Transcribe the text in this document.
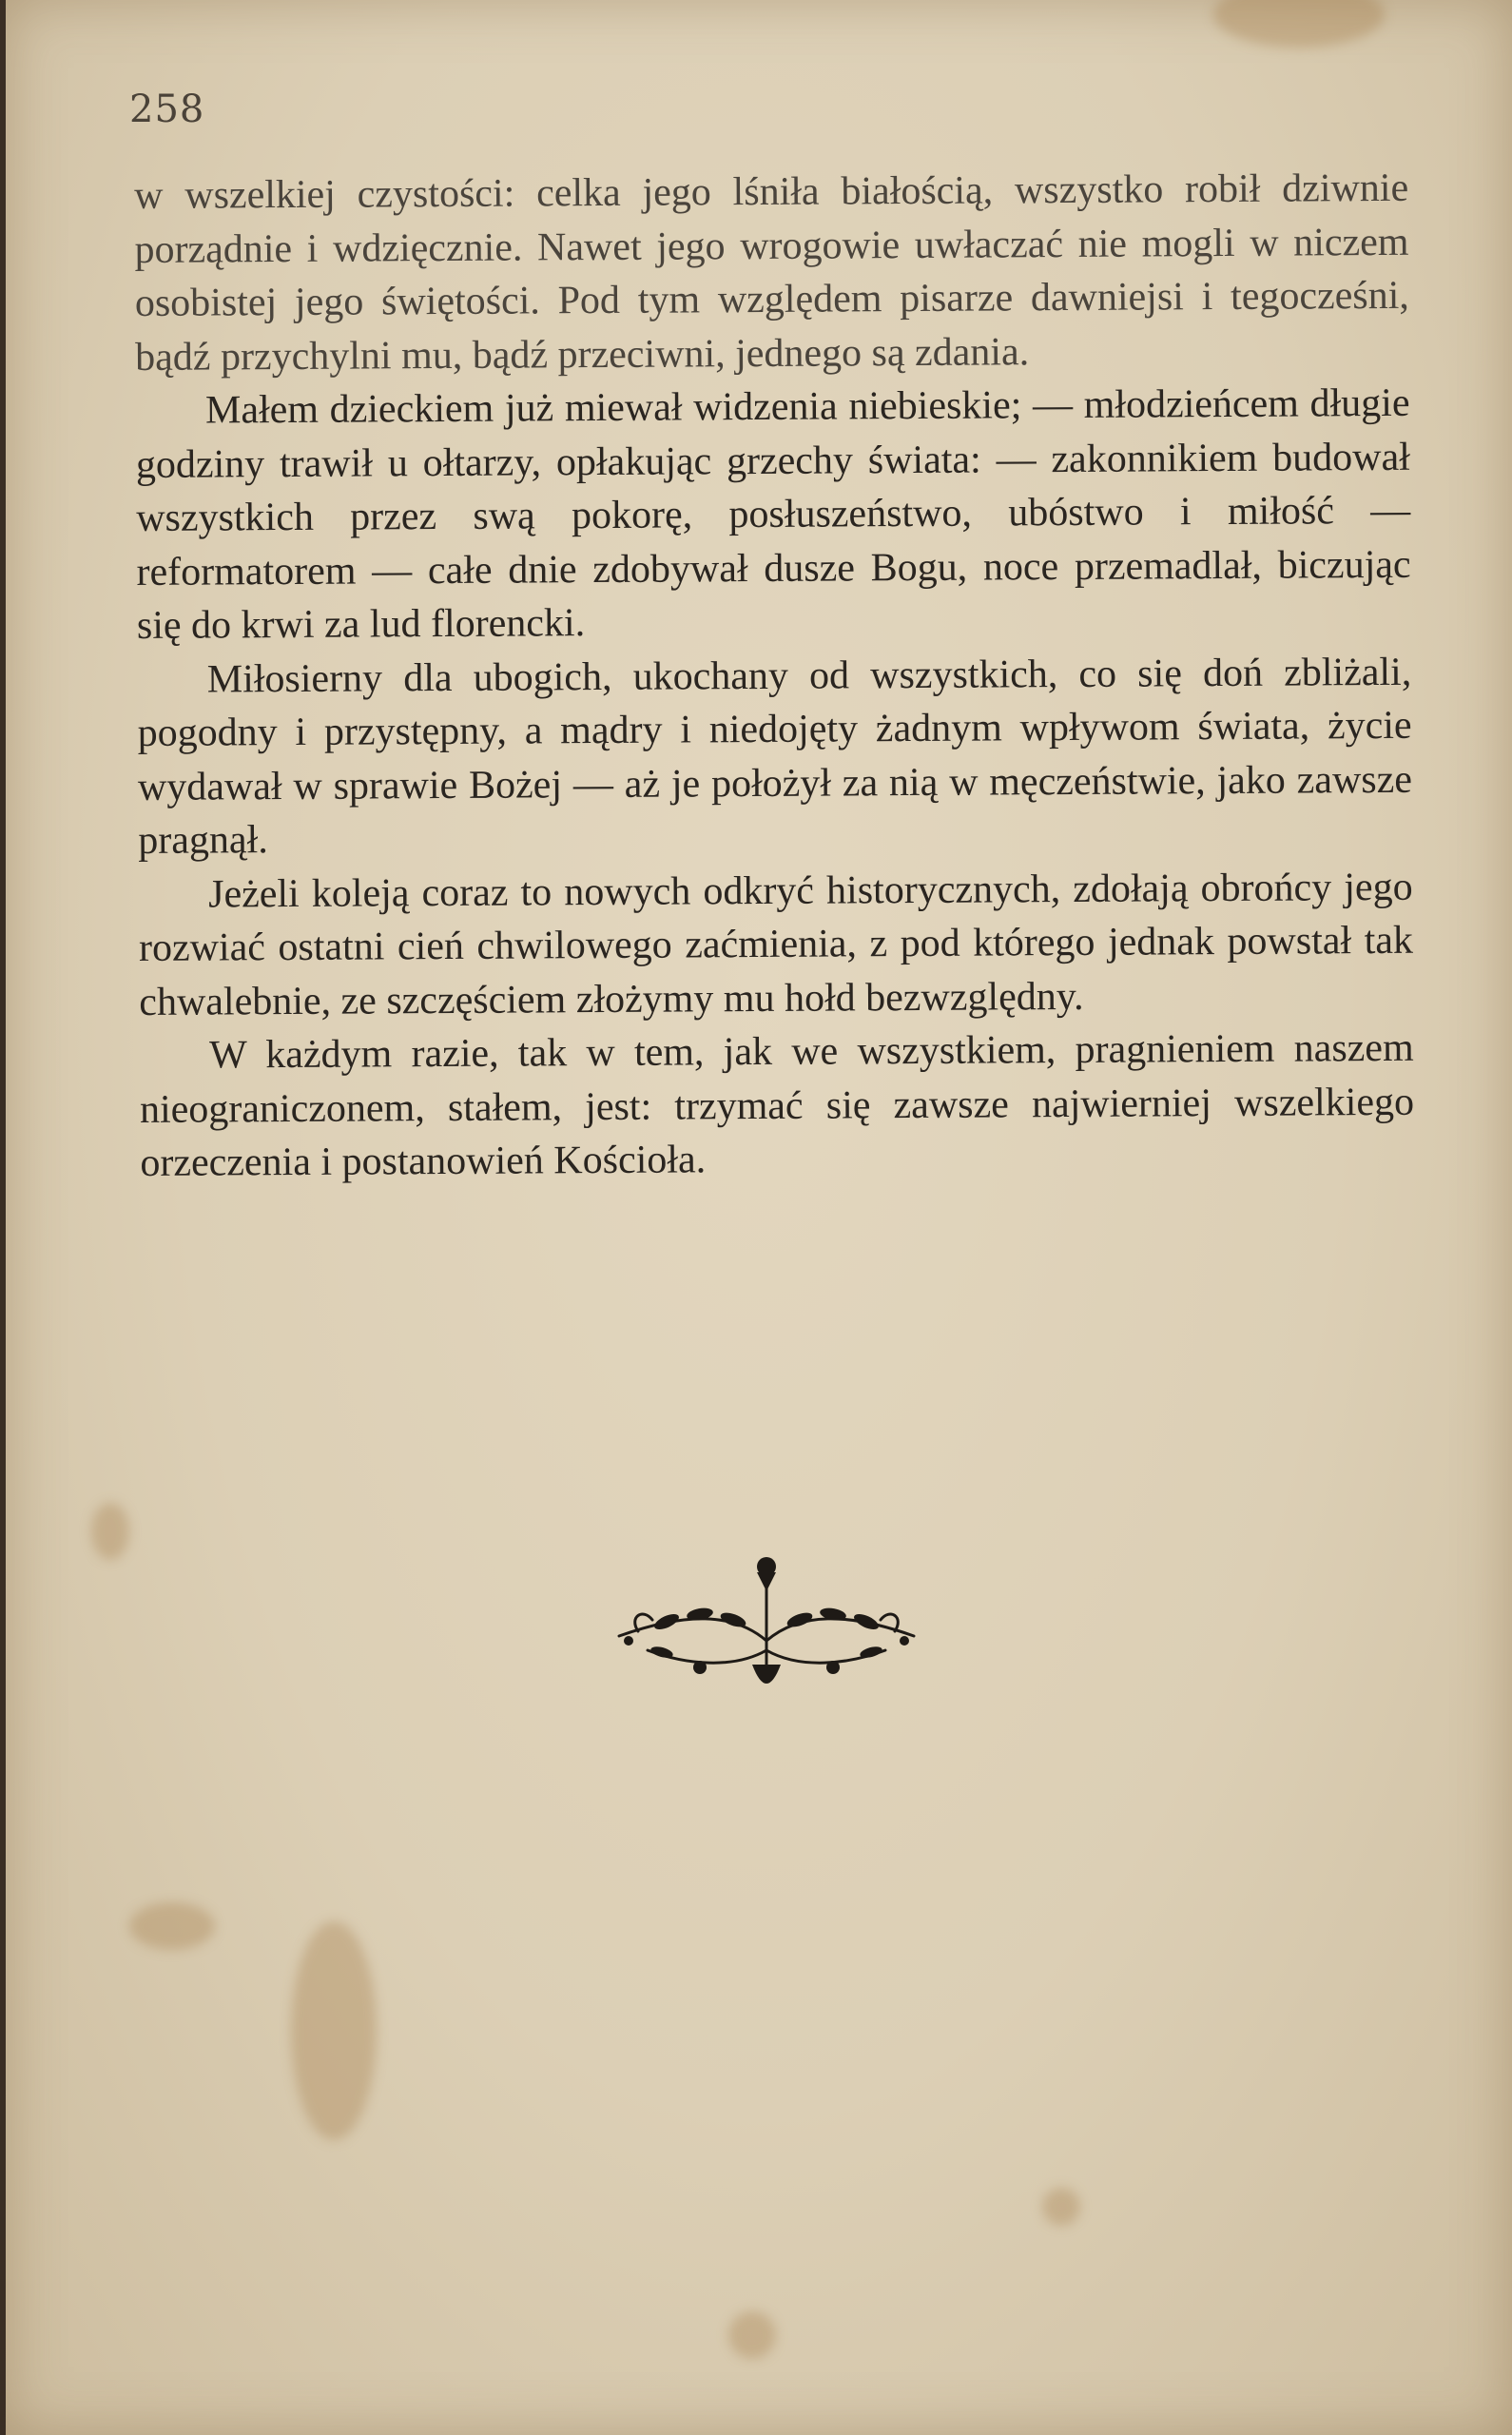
258

w wszelkiej czystości: celka jego lśniła białością, wszystko robił dziwnie porządnie i wdzięcznie. Nawet jego wrogowie uwłaczać nie mogli w niczem osobistej jego świętości. Pod tym względem pisarze dawniejsi i tegocześni, bądź przychylni mu, bądź przeciwni, jednego są zdania.

Małem dzieckiem już miewał widzenia niebieskie; — młodzieńcem długie godziny trawił u ołtarzy, opłakując grzechy świata: — zakonnikiem budował wszystkich przez swą pokorę, posłuszeństwo, ubóstwo i miłość — reformatorem — całe dnie zdobywał dusze Bogu, noce przemadlał, biczując się do krwi za lud florencki.

Miłosierny dla ubogich, ukochany od wszystkich, co się doń zbliżali, pogodny i przystępny, a mądry i niedojęty żadnym wpływom świata, życie wydawał w sprawie Bożej — aż je położył za nią w męczeństwie, jako zawsze pragnął.

Jeżeli koleją coraz to nowych odkryć historycznych, zdołają obrońcy jego rozwiać ostatni cień chwilowego zaćmienia, z pod którego jednak powstał tak chwalebnie, ze szczęściem złożymy mu hołd bezwzględny.

W każdym razie, tak w tem, jak we wszystkiem, pragnieniem naszem nieograniczonem, stałem, jest: trzymać się zawsze najwierniej wszelkiego orzeczenia i postanowień Kościoła.
